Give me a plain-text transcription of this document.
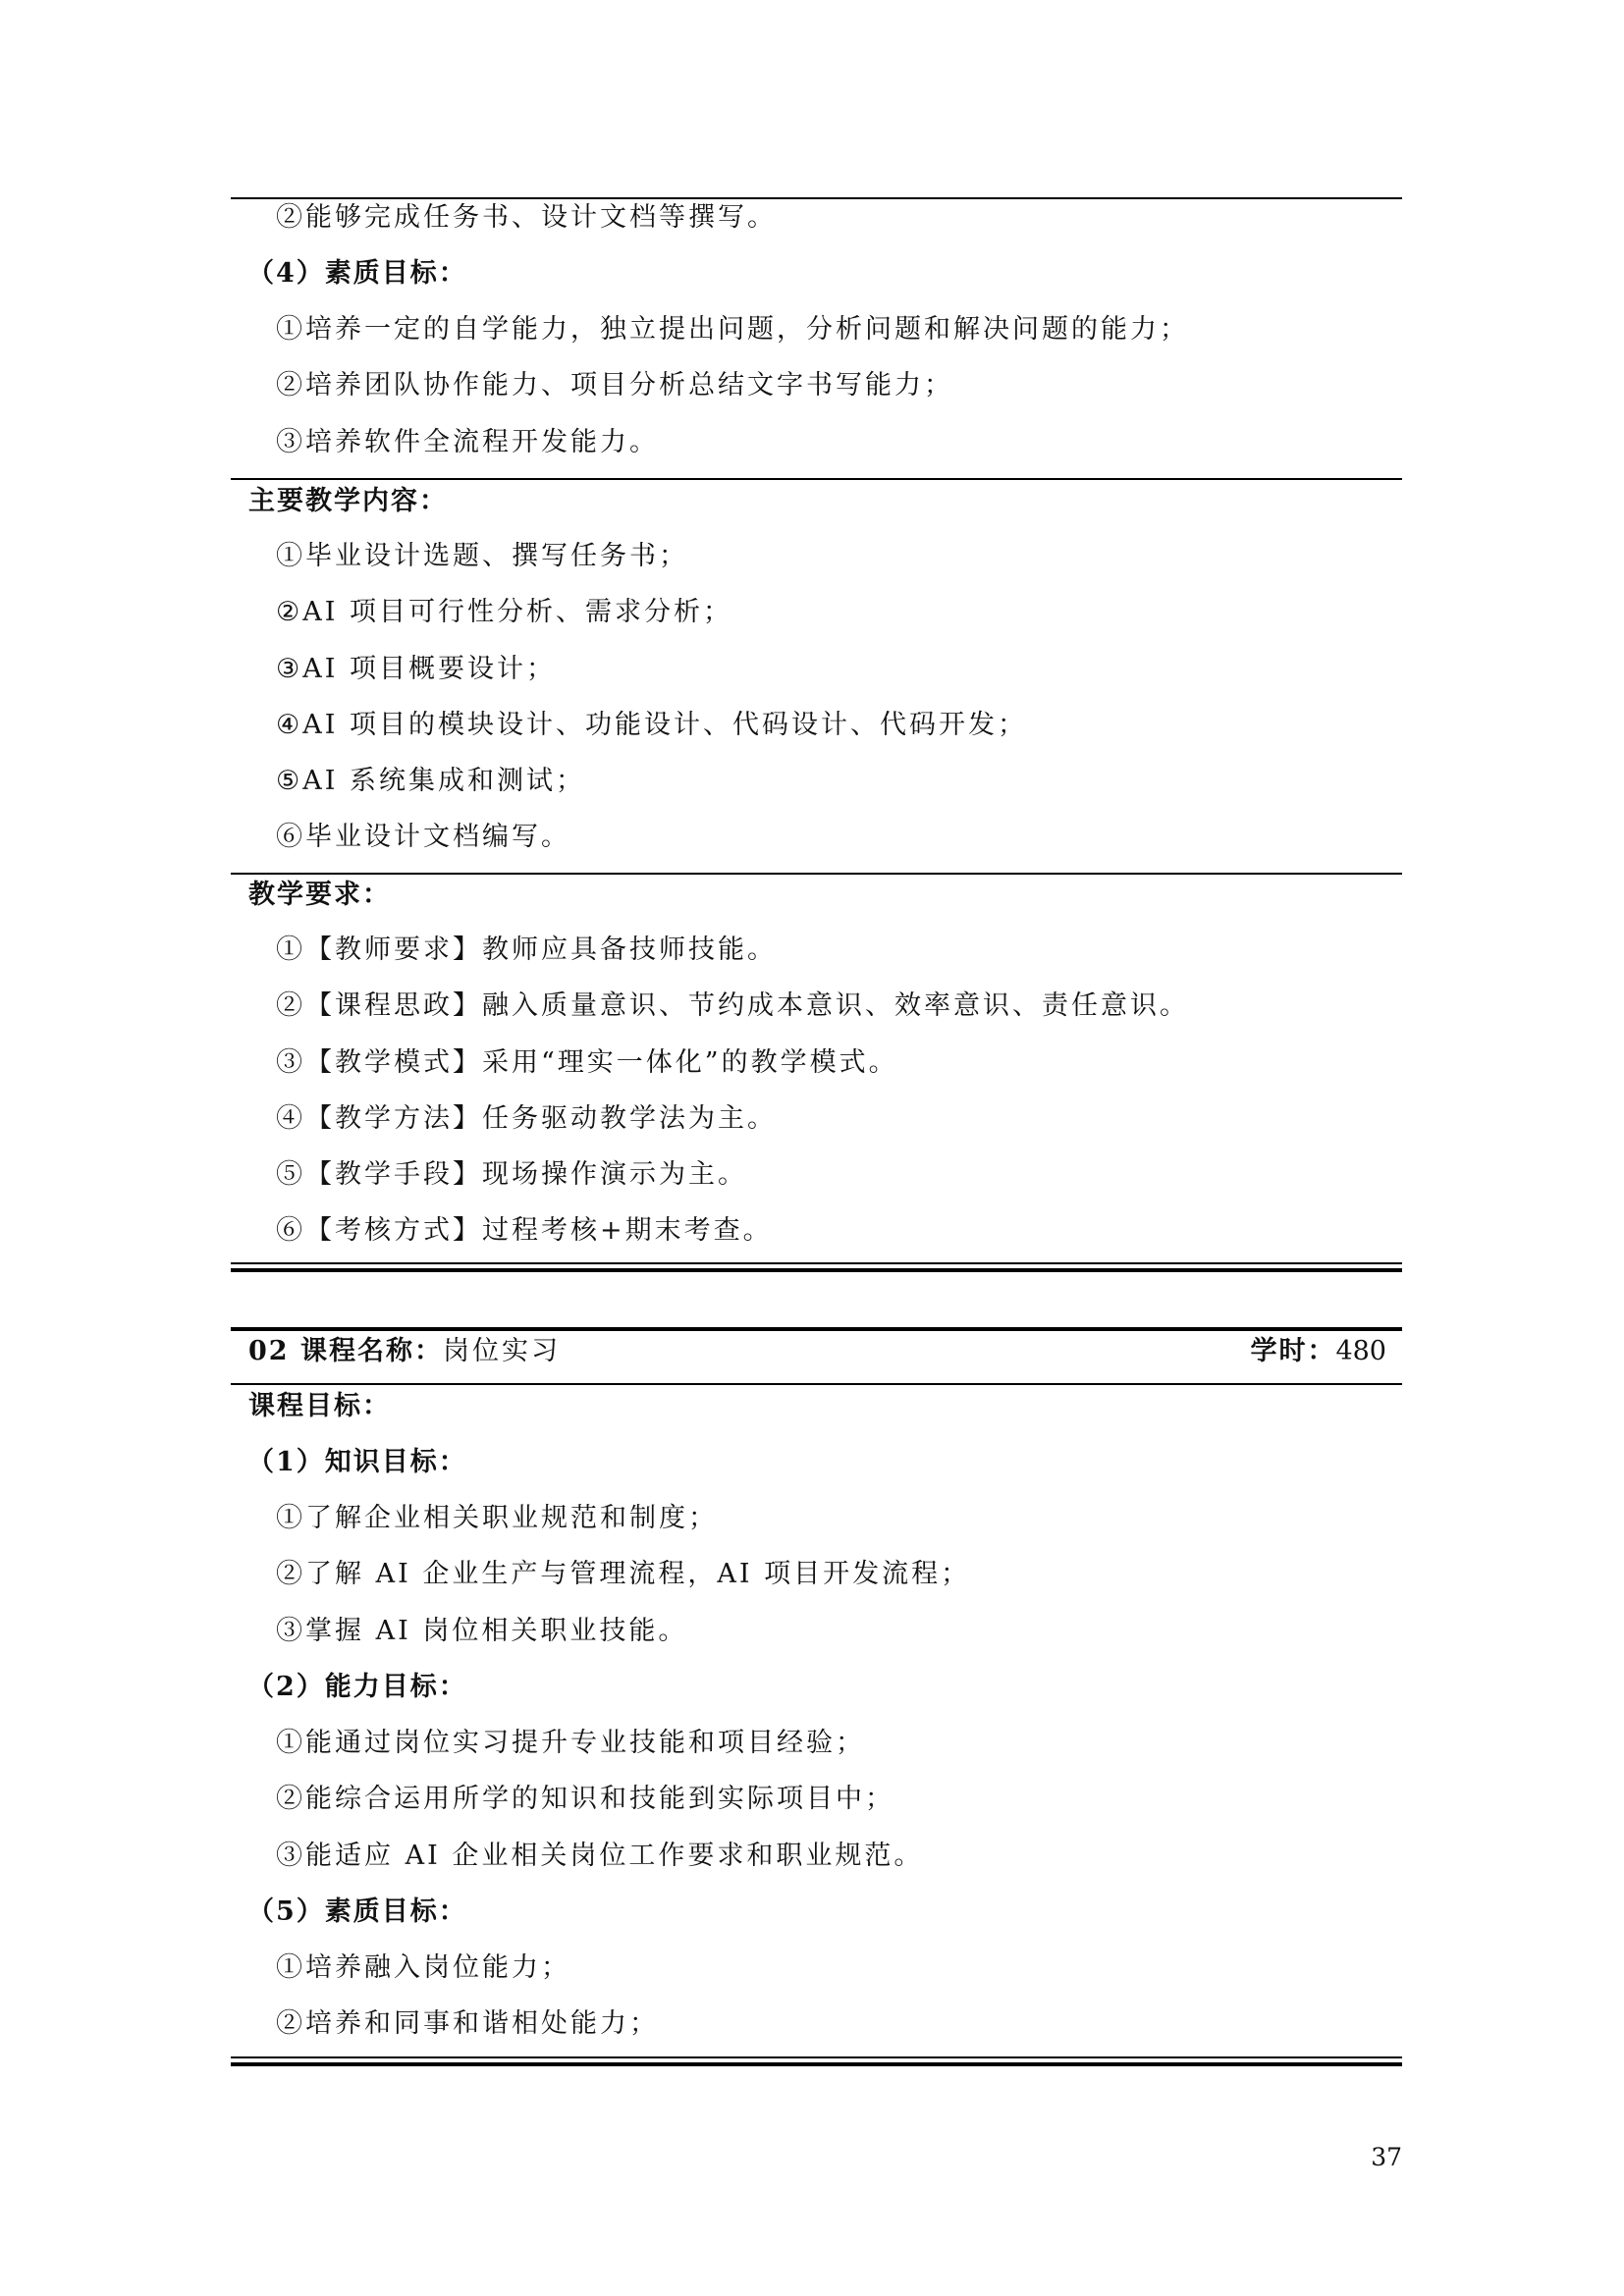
②能够完成任务书、设计文档等撰写。
（4）素质目标：
①培养一定的自学能力，独立提出问题，分析问题和解决问题的能力；
②培养团队协作能力、项目分析总结文字书写能力；
③培养软件全流程开发能力。
主要教学内容：
①毕业设计选题、撰写任务书；
②AI 项目可行性分析、需求分析；
③AI 项目概要设计；
④AI 项目的模块设计、功能设计、代码设计、代码开发；
⑤AI 系统集成和测试；
⑥毕业设计文档编写。
教学要求：
①【教师要求】教师应具备技师技能。
②【课程思政】融入质量意识、节约成本意识、效率意识、责任意识。
③【教学模式】采用“理实一体化”的教学模式。
④【教学方法】任务驱动教学法为主。
⑤【教学手段】现场操作演示为主。
⑥【考核方式】过程考核+期末考查。
02 课程名称：岗位实习	学时：480
课程目标：
（1）知识目标：
①了解企业相关职业规范和制度；
②了解 AI 企业生产与管理流程，AI 项目开发流程；
③掌握 AI 岗位相关职业技能。
（2）能力目标：
①能通过岗位实习提升专业技能和项目经验；
②能综合运用所学的知识和技能到实际项目中；
③能适应 AI 企业相关岗位工作要求和职业规范。
（5）素质目标：
①培养融入岗位能力；
②培养和同事和谐相处能力；
37
